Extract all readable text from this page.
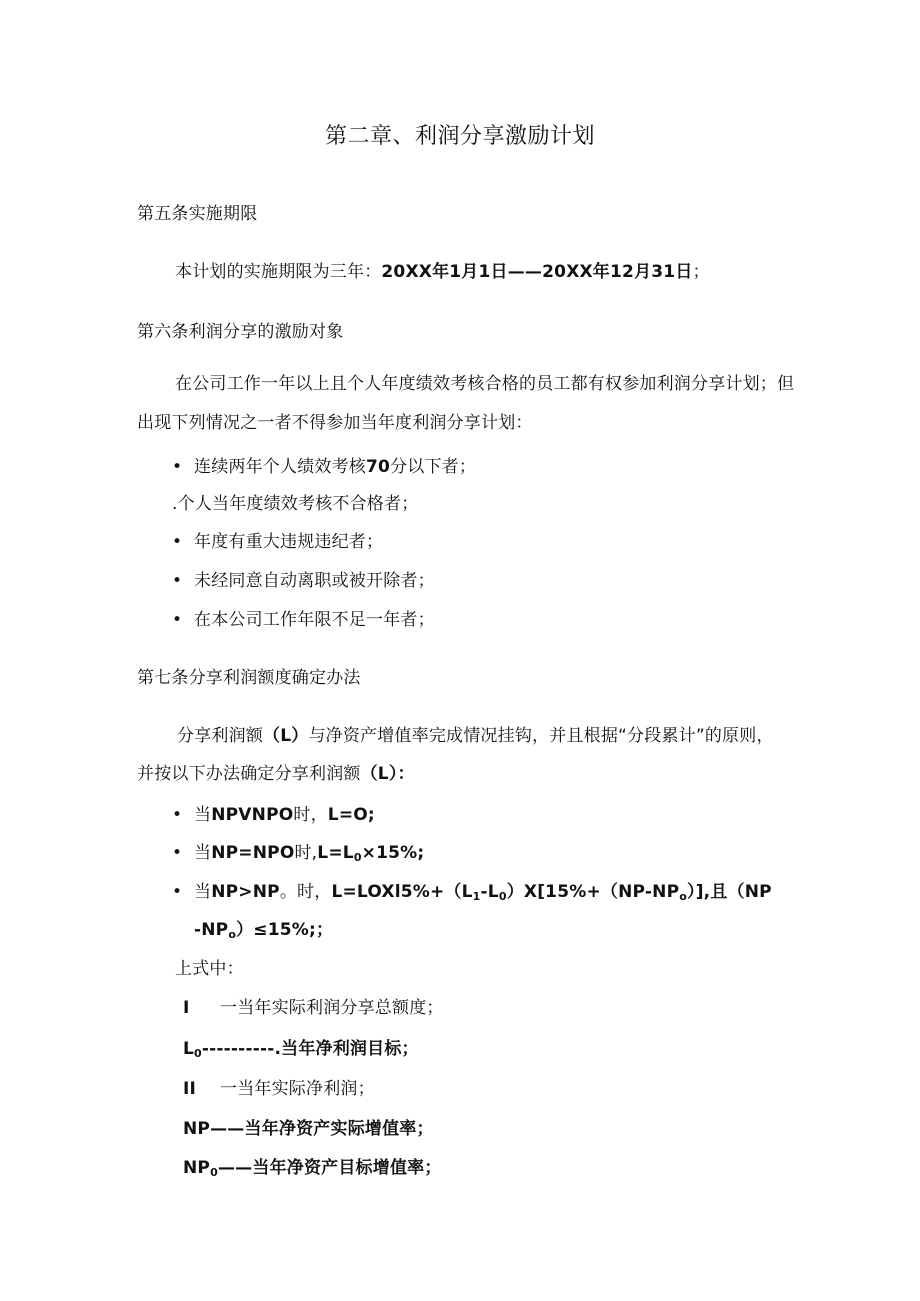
第二章、利润分享激励计划
第五条实施期限
本计划的实施期限为三年：20XX年1月1日——20XX年12月31日；
第六条利润分享的激励对象
在公司工作一年以上且个人年度绩效考核合格的员工都有权参加利润分享计划；但
出现下列情况之一者不得参加当年度利润分享计划：
• 连续两年个人绩效考核70分以下者；
.个人当年度绩效考核不合格者；
• 年度有重大违规违纪者；
• 未经同意自动离职或被开除者；
• 在本公司工作年限不足一年者；
第七条分享利润额度确定办法
分享利润额（L）与净资产增值率完成情况挂钩，并且根据“分段累计”的原则，
并按以下办法确定分享利润额（L）：
• 当NPVNPO时，L=O;
• 当NP=NPO时$,L=L_0\times 15\%$;
• 当NP>NP。时，$L=LOXl5\%+(L_1-L_0)X[15\%+(NP-NP_o)]$,且（NP
$-NP_o)\le 15\%$;；
上式中：
I 一当年实际利润分享总额度；
$L_0----------$.当年净利润目标；
II 一当年实际净利润；
NP——当年净资产实际增值率；
$NP_0——$当年净资产目标增值率；
